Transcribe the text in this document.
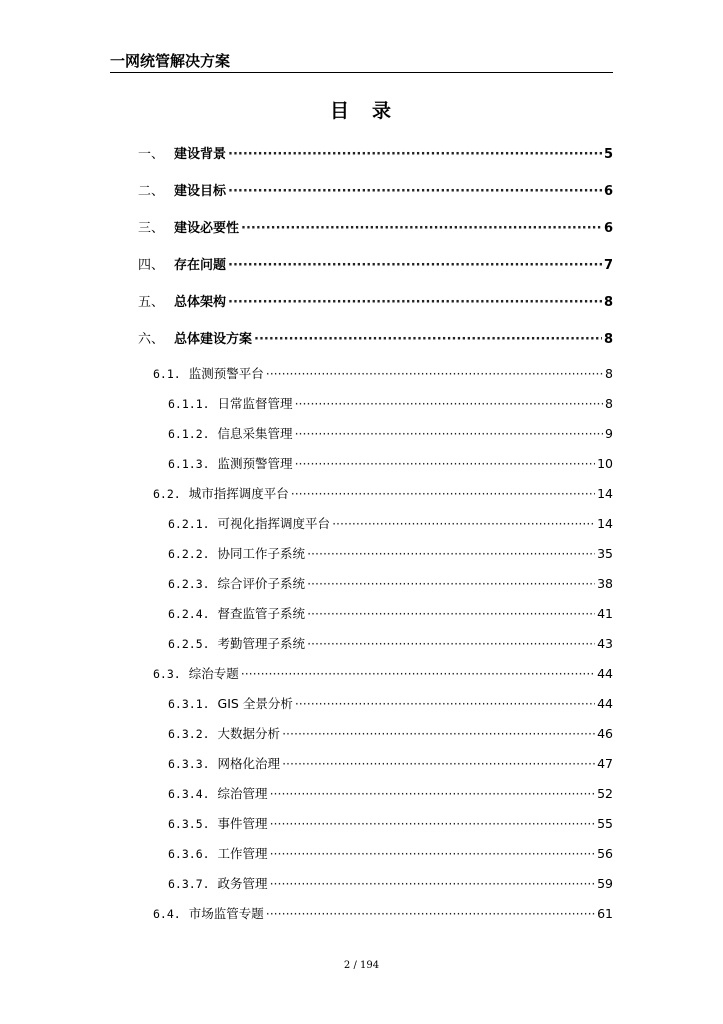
一网统管解决方案
目　录
一、 建设背景 ·····	5
二、 建设目标 ·····	6
三、 建设必要性 ·····	6
四、 存在问题 ·····	7
五、 总体架构 ·····	8
六、 总体建设方案 ·····	8
6.1. 监测预警平台 ·····	8
6.1.1. 日常监督管理 ·····	8
6.1.2. 信息采集管理 ·····	9
6.1.3. 监测预警管理 ·····	10
6.2. 城市指挥调度平台 ·····	14
6.2.1. 可视化指挥调度平台 ·····	14
6.2.2. 协同工作子系统 ·····	35
6.2.3. 综合评价子系统 ·····	38
6.2.4. 督查监管子系统 ·····	41
6.2.5. 考勤管理子系统 ·····	43
6.3. 综治专题 ·····	44
6.3.1. GIS 全景分析 ·····	44
6.3.2. 大数据分析 ·····	46
6.3.3. 网格化治理 ·····	47
6.3.4. 综治管理 ·····	52
6.3.5. 事件管理 ·····	55
6.3.6. 工作管理 ·····	56
6.3.7. 政务管理 ·····	59
6.4. 市场监管专题 ·····	61
2 / 194
